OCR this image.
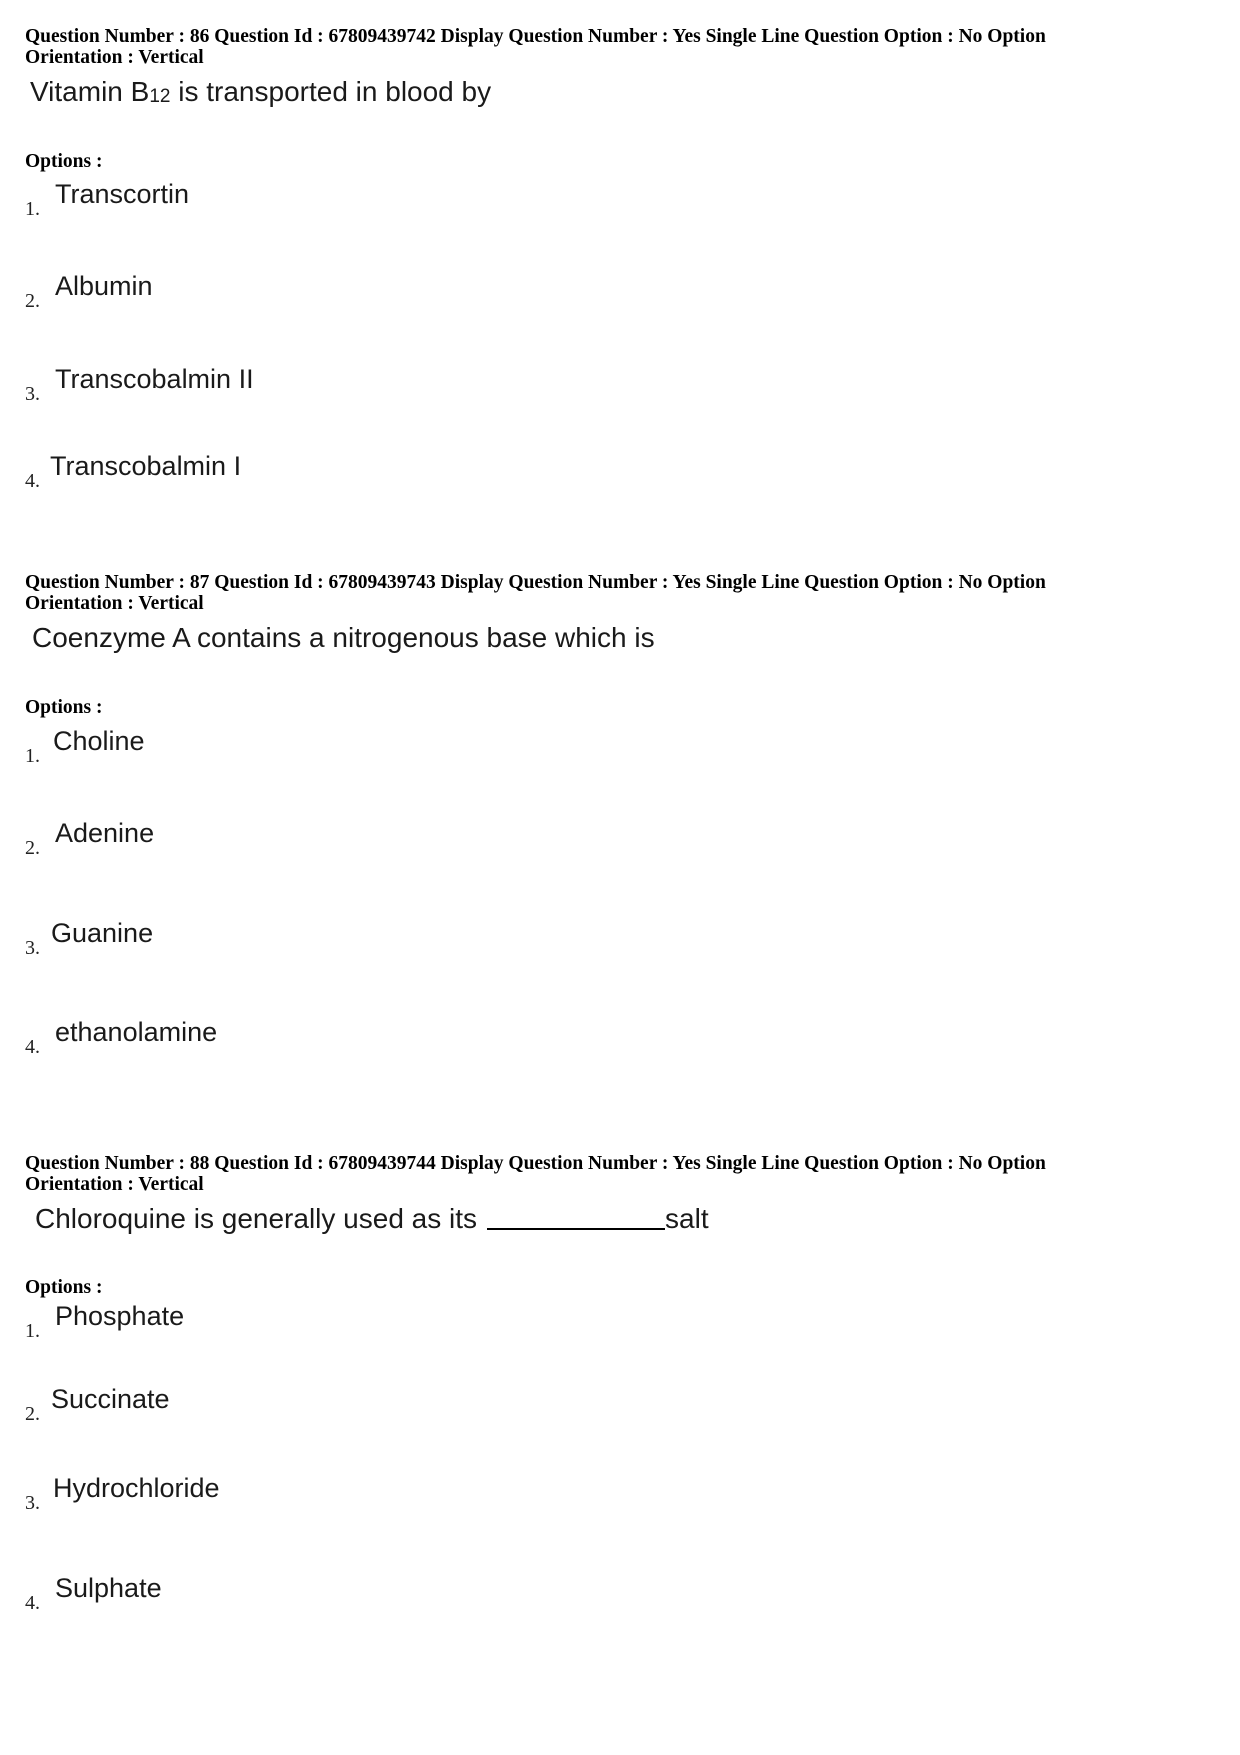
Question Number : 86 Question Id : 67809439742 Display Question Number : Yes Single Line Question Option : No Option

Orientation : Vertical

Vitamin $B_{12}$ is transported in blood by
Options :
1. Transcortin
2. Albumin
3. Transcobalmin II
4. Transcobalmin I

Question Number : 87 Question Id : 67809439743 Display Question Number : Yes Single Line Question Option : No Option

Orientation : Vertical

Coenzyme A contains a nitrogenous base which is
Options :
1. Choline
2. Adenine
3. Guanine
4. ethanolamine

Question Number : 88 Question Id : 67809439744 Display Question Number : Yes Single Line Question Option : No Option

Orientation : Vertical

Chloroquine is generally used as its	salt
Options :
1. Phosphate
2. Succinate
3. Hydrochloride
4. Sulphate
